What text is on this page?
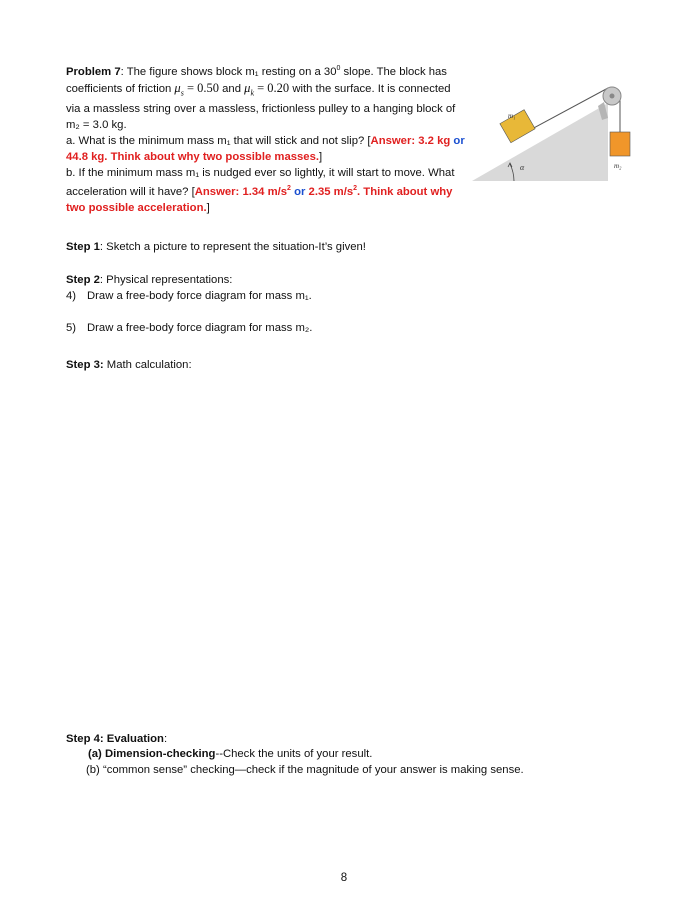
Problem 7: The figure shows block m₁ resting on a $30^0$ slope. The block has coefficients of friction $\mu_s = 0.50$ and $\mu_k = 0.20$ with the surface. It is connected via a massless string over a massless, frictionless pulley to a hanging block of m₂ = 3.0 kg.
a. What is the minimum mass m₁ that will stick and not slip? [Answer: 3.2 kg or 44.8 kg. Think about why two possible masses.]
b. If the minimum mass m₁ is nudged ever so lightly, it will start to move. What acceleration will it have? [Answer: 1.34 $m/s^2$ or 2.35 $m/s^2$. Think about why two possible acceleration.]
m₁
m₂
α
Step 1: Sketch a picture to represent the situation-It’s given!
Step 2: Physical representations:
4) Draw a free-body force diagram for mass m₁.
5) Draw a free-body force diagram for mass m₂.
Step 3: Math calculation:
Step 4: Evaluation:
(a) Dimension-checking--Check the units of your result.
(b) “common sense” checking—check if the magnitude of your answer is making sense.
8
